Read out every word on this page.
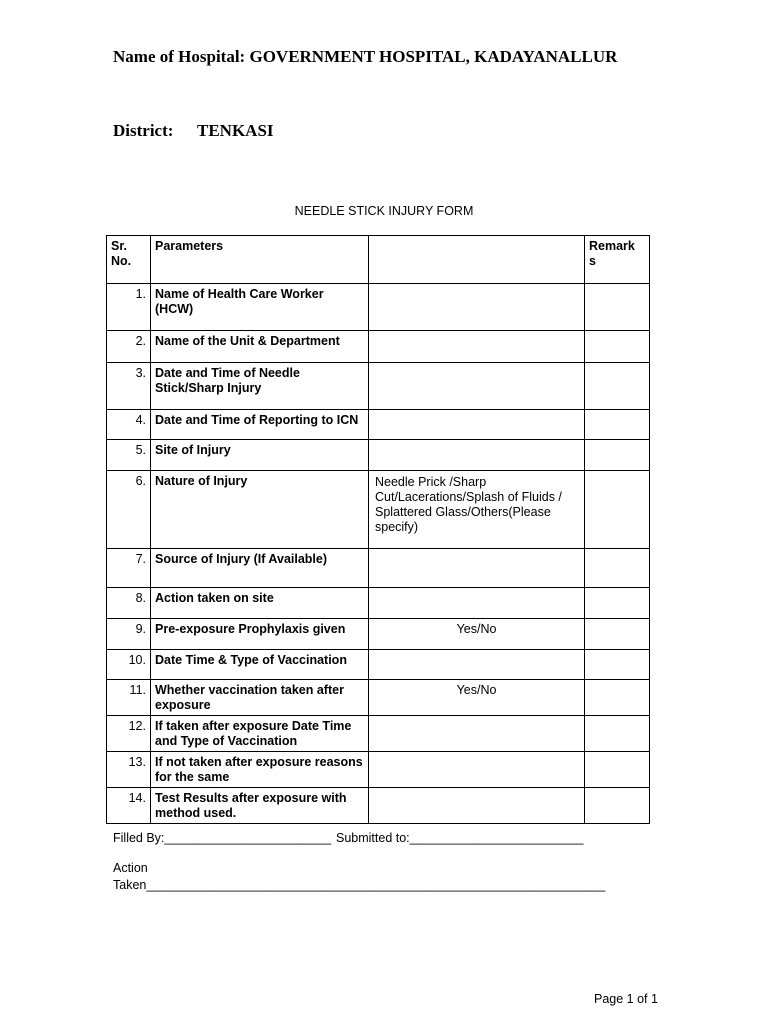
Name of Hospital: GOVERNMENT HOSPITAL, KADAYANALLUR
District: TENKASI
NEEDLE STICK INJURY FORM
Sr. No.	Parameters		Remark s
1.	Name of Health Care Worker (HCW)		
2.	Name of the Unit & Department		
3.	Date and Time of Needle Stick/Sharp Injury		
4.	Date and Time of Reporting to ICN		
5.	Site of Injury		
6.	Nature of Injury	Needle Prick /Sharp Cut/Lacerations/Splash of Fluids / Splattered Glass/Others(Please specify)	
7.	Source of Injury (If Available)		
8.	Action taken on site		
9.	Pre-exposure Prophylaxis given	Yes/No	
10.	Date Time & Type of Vaccination		
11.	Whether vaccination taken after exposure	Yes/No	
12.	If taken after exposure Date Time and Type of Vaccination		
13.	If not taken after exposure reasons for the same		
14.	Test Results after exposure with method used.		
Filled By:________________________ Submitted to:_________________________
Action
Taken__________________________________________________________________
Page 1 of 1
